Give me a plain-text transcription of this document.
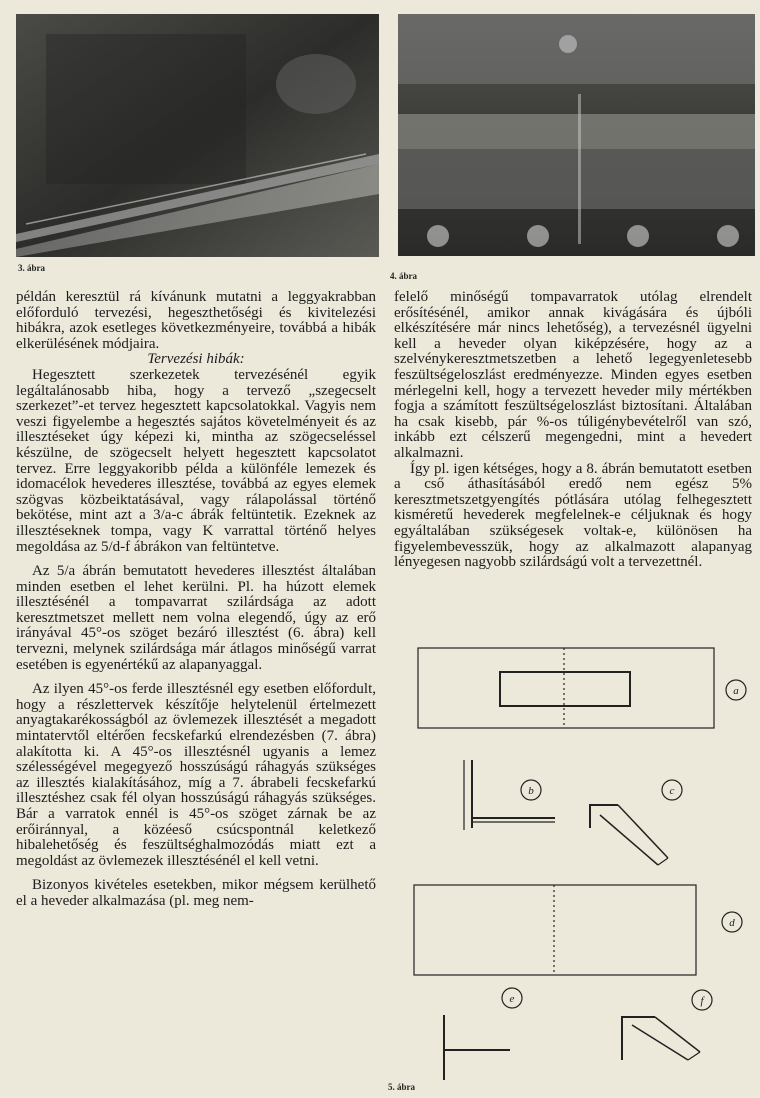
3. ábra
4. ábra

példán keresztül rá kívánunk mutatni a leggyakrabban előforduló tervezési, hegeszthetőségi és kivitelezési hibákra, azok esetleges következményeire, továbbá a hibák elkerülésének módjaira.

Tervezési hibák:

Hegesztett szerkezetek tervezésénél egyik legáltalánosabb hiba, hogy a tervező „szegecselt szerkezet”-et tervez hegesztett kapcsolatokkal. Vagyis nem veszi figyelembe a hegesztés sajátos követelményeit és az illesztéseket úgy képezi ki, mintha az szögecseléssel készülne, de szögecselt helyett hegesztett kapcsolatot tervez. Erre leggyakoribb példa a különféle lemezek és idomacélok hevederes illesztése, továbbá az egyes elemek szögvas közbeiktatásával, vagy rálapolással történő bekötése, mint azt a 3/a-c ábrák feltüntetik. Ezeknek az illesztéseknek tompa, vagy K varrattal történő helyes megoldása az 5/d-f ábrákon van feltüntetve.

Az 5/a ábrán bemutatott hevederes illesztést általában minden esetben el lehet kerülni. Pl. ha húzott elemek illesztésénél a tompavarrat szilárdsága az adott keresztmetszet mellett nem volna elegendő, úgy az erő irányával 45°-os szöget bezáró illesztést (6. ábra) kell tervezni, melynek szilárdsága már átlagos minőségű varrat esetében is egyenértékű az alapanyaggal.

Az ilyen 45°-os ferde illesztésnél egy esetben előfordult, hogy a részlettervek készítője helytelenül értelmezett anyagtakarékosságból az övlemezek illesztését a megadott mintatervtől eltérően fecskefarkú elrendezésben (7. ábra) alakította ki. A 45°-os illesztésnél ugyanis a lemez szélességével megegyező hosszúságú ráhagyás szükséges az illesztés kialakításához, míg a 7. ábrabeli fecskefarkú illesztéshez csak fél olyan hosszúságú ráhagyás szükséges. Bár a varratok ennél is 45°-os szöget zárnak be az erőiránnyal, a közéeső csúcspontnál keletkező hibalehetőség és feszültséghalmozódás miatt ezt a megoldást az övlemezek illesztésénél el kell vetni.

Bizonyos kivételes esetekben, mikor mégsem kerülhető el a heveder alkalmazása (pl. meg nem-

felelő minőségű tompavarratok utólag elrendelt erősítésénél, amikor annak kivágására és újbóli elkészítésére már nincs lehetőség), a tervezésnél ügyelni kell a heveder olyan kiképzésére, hogy az a szelvénykeresztmetszetben a lehető legegyenletesebb feszültségeloszlást eredményezze. Minden egyes esetben mérlegelni kell, hogy a tervezett heveder mily mértékben fogja a számított feszültségeloszlást biztosítani. Általában ha csak kisebb, pár %-os túligénybevételről van szó, inkább ezt célszerű megengedni, mint a hevedert alkalmazni.

Így pl. igen kétséges, hogy a 8. ábrán bemutatott esetben a cső áthasításából eredő nem egész 5% keresztmetszetgyengítés pótlására utólag felhegesztett kisméretű hevederek megfelelnek-e céljuknak és hogy egyáltalában szükségesek voltak-e, különösen ha figyelembevesszük, hogy az alkalmazott alapanyag lényegesen nagyobb szilárdságú volt a tervezettnél.

a
b	c
d
e	f
5. ábra
